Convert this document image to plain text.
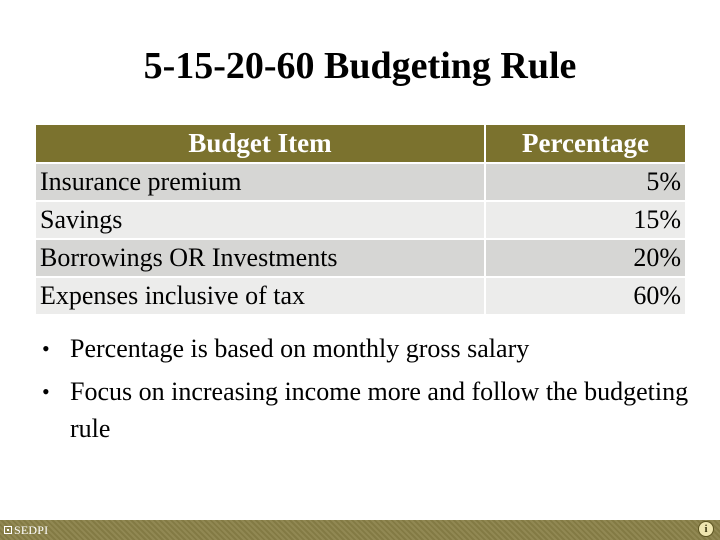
5-15-20-60 Budgeting Rule
Budget Item	Percentage
Insurance premium	5%
Savings	15%
Borrowings OR Investments	20%
Expenses inclusive of tax	60%
• Percentage is based on monthly gross salary
• Focus on increasing income more and follow the budgeting rule
SEDPI	i
